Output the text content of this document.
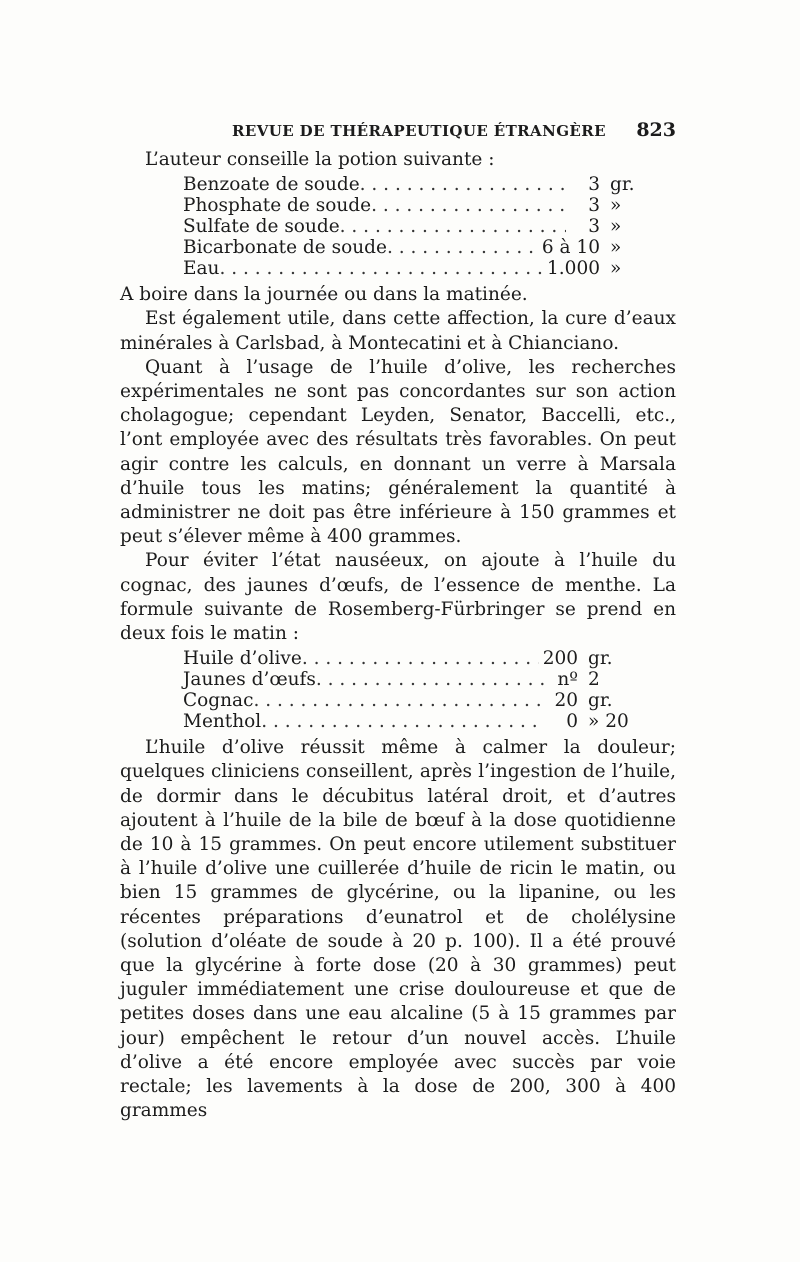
REVUE DE THÉRAPEUTIQUE ÉTRANGÈRE 823

L’auteur conseille la potion suivante :

Benzoate de soude . . .	3 gr.
Phosphate de soude . . .	3 »
Sulfate de soude . . .	3 »
Bicarbonate de soude . . .	6 à 10 »
Eau . . .	1.000 »

A boire dans la journée ou dans la matinée.

Est également utile, dans cette affection, la cure d’eaux minérales à Carlsbad, à Montecatini et à Chianciano.

Quant à l’usage de l’huile d’olive, les recherches expérimentales ne sont pas concordantes sur son action cholagogue; cependant Leyden, Senator, Baccelli, etc., l’ont employée avec des résultats très favorables. On peut agir contre les calculs, en donnant un verre à Marsala d’huile tous les matins; généralement la quantité à administrer ne doit pas être inférieure à 150 grammes et peut s’élever même à 400 grammes.

Pour éviter l’état nauséeux, on ajoute à l’huile du cognac, des jaunes d’œufs, de l’essence de menthe. La formule suivante de Rosemberg-Fürbringer se prend en deux fois le matin :

Huile d’olive . . .	200 gr.
Jaunes d’œufs . . .	nº 2
Cognac . . .	20 gr.
Menthol . . .	0 » 20

L’huile d’olive réussit même à calmer la douleur; quelques cliniciens conseillent, après l’ingestion de l’huile, de dormir dans le décubitus latéral droit, et d’autres ajoutent à l’huile de la bile de bœuf à la dose quotidienne de 10 à 15 grammes. On peut encore utilement substituer à l’huile d’olive une cuillerée d’huile de ricin le matin, ou bien 15 grammes de glycérine, ou la lipanine, ou les récentes préparations d’eunatrol et de cholélysine (solution d’oléate de soude à 20 p. 100). Il a été prouvé que la glycérine à forte dose (20 à 30 grammes) peut juguler immédiatement une crise douloureuse et que de petites doses dans une eau alcaline (5 à 15 grammes par jour) empêchent le retour d’un nouvel accès. L’huile d’olive a été encore employée avec succès par voie rectale; les lavements à la dose de 200, 300 à 400 grammes
